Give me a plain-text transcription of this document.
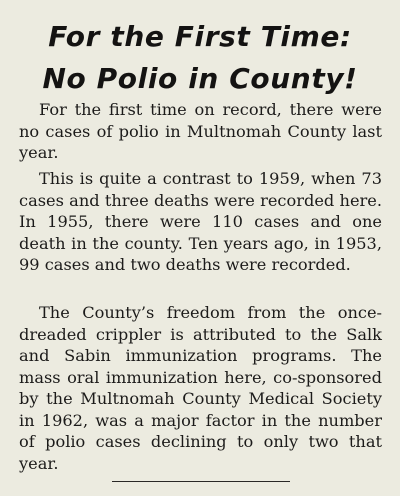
For the First Time:
No Polio in County!

For the first time on record, there were no cases of polio in Multnomah County last year.

This is quite a contrast to 1959, when 73 cases and three deaths were recorded here. In 1955, there were 110 cases and one death in the county. Ten years ago, in 1953, 99 cases and two deaths were recorded.

The County’s freedom from the once-dreaded crippler is attributed to the Salk and Sabin immunization programs. The mass oral immunization here, co-sponsored by the Multnomah County Medical Society in 1962, was a major factor in the number of polio cases declining to only two that year.
